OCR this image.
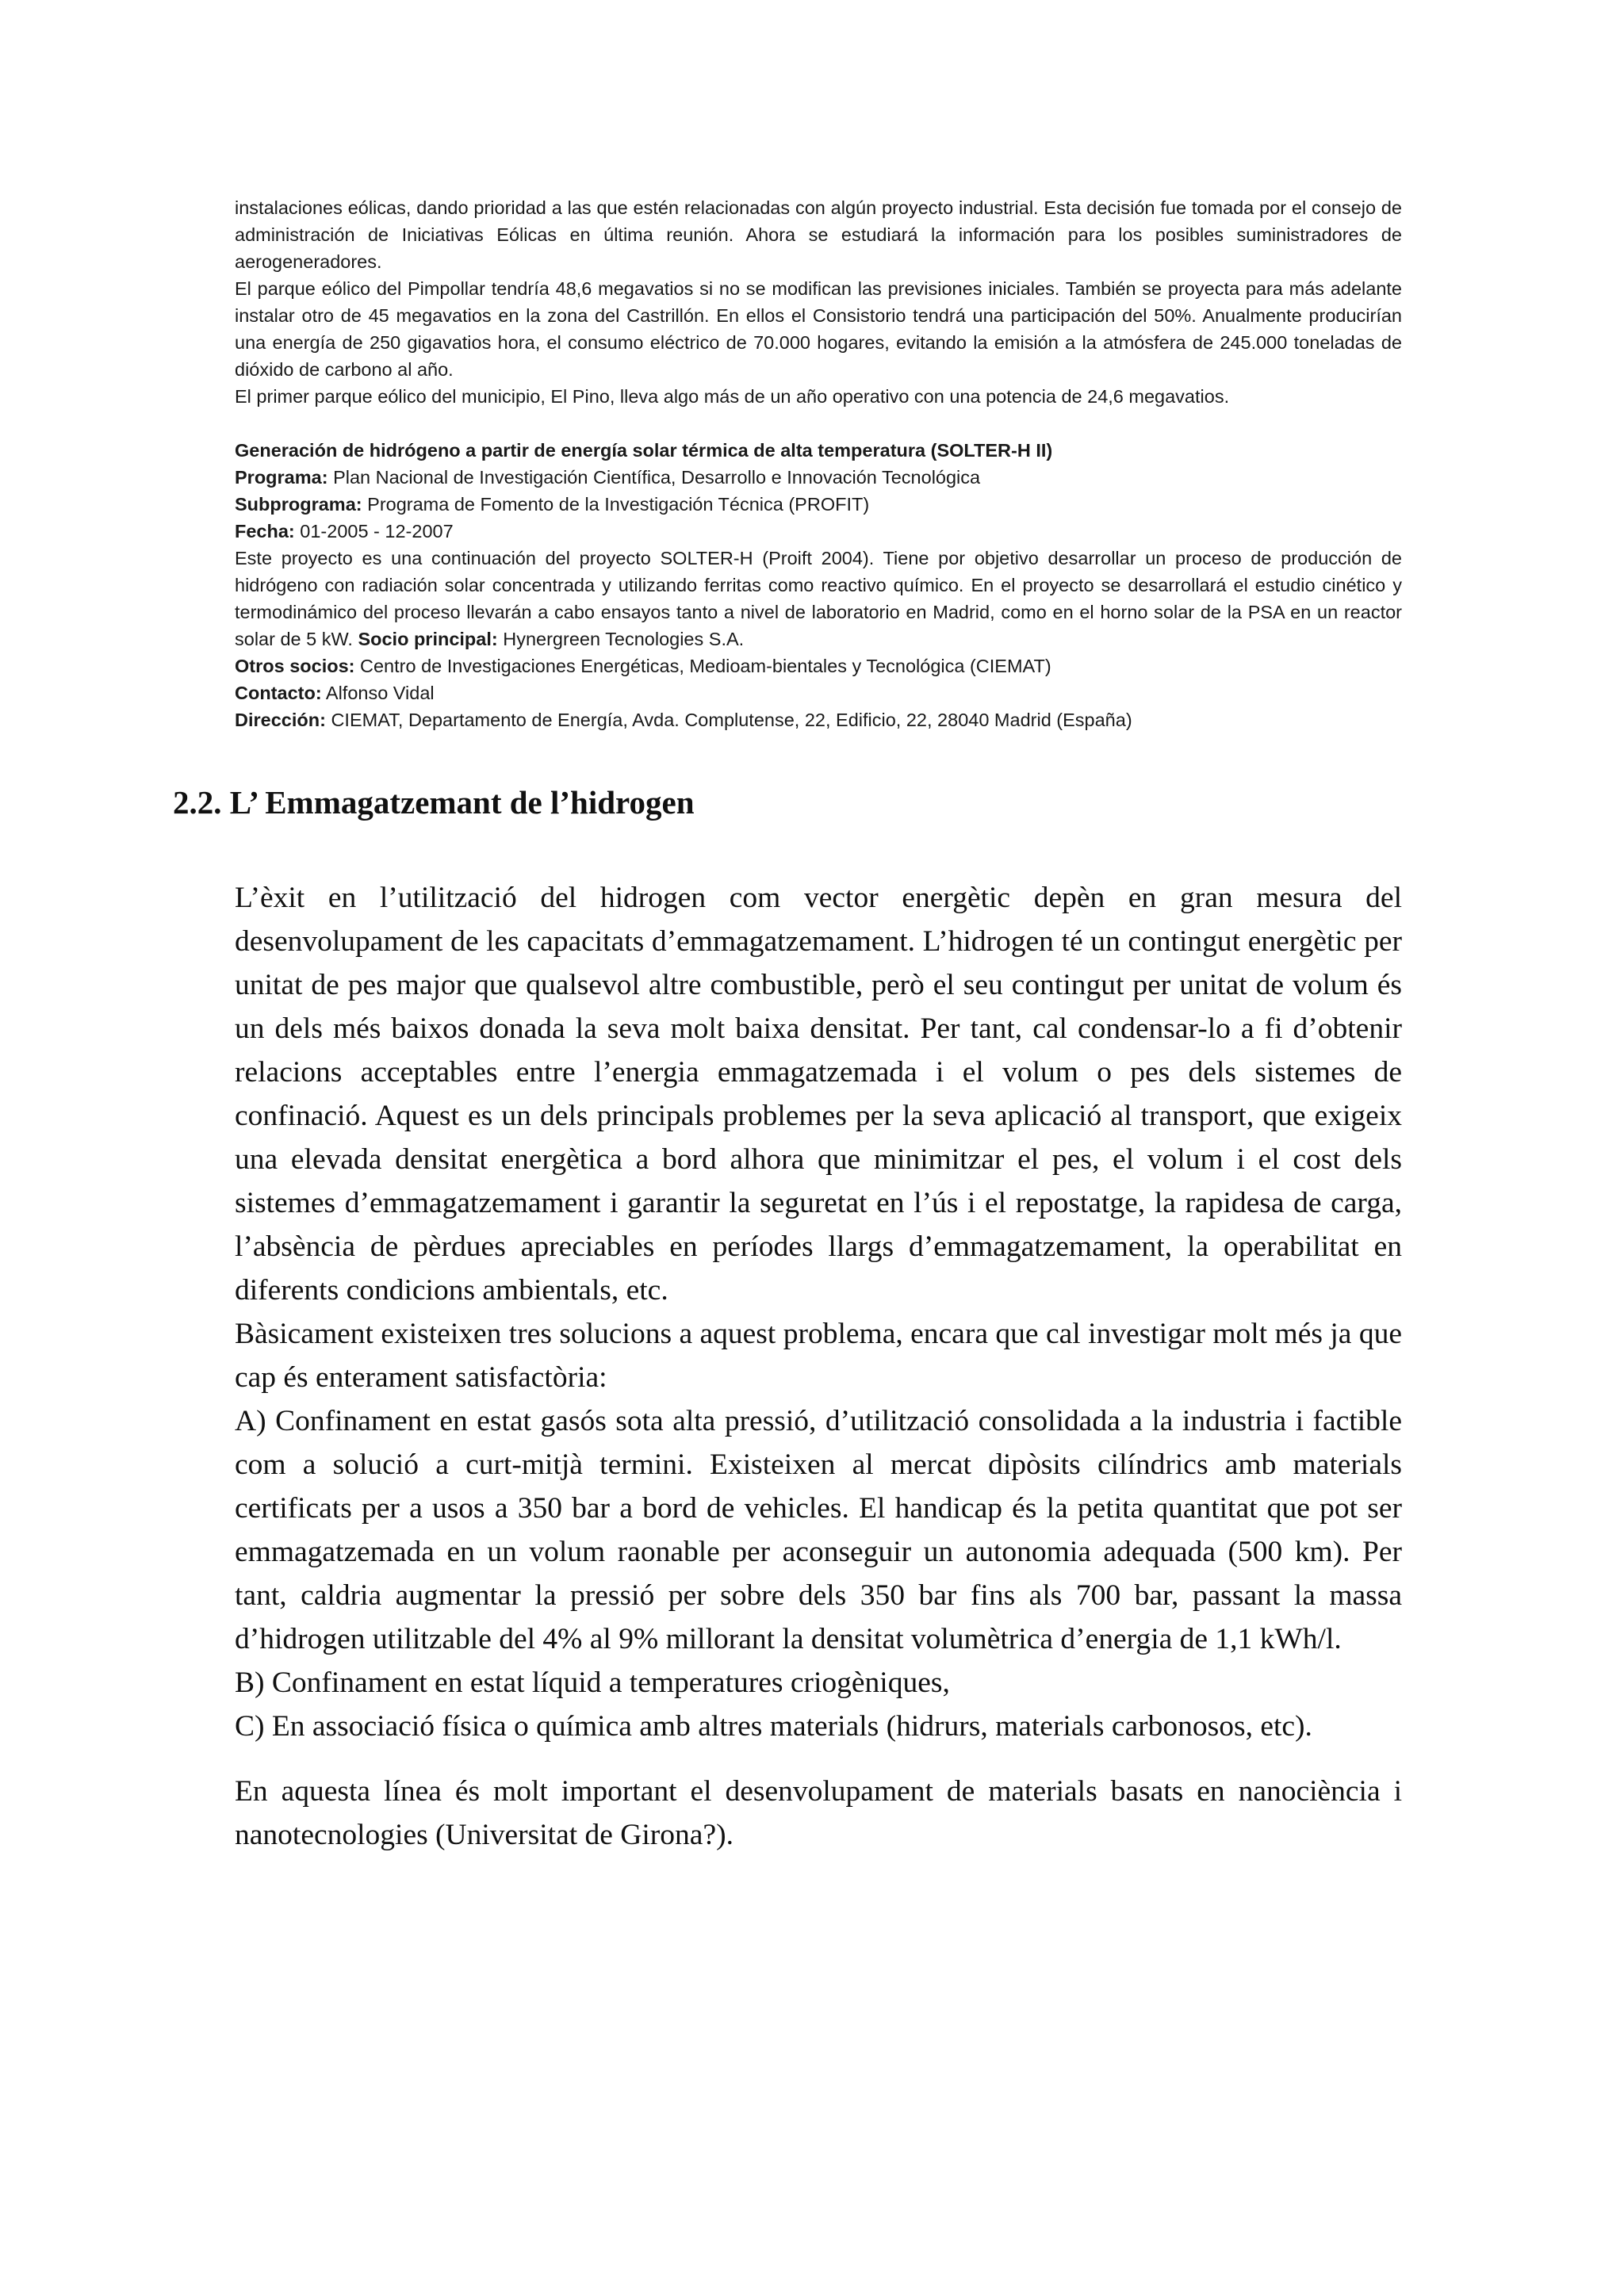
instalaciones eólicas, dando prioridad a las que estén relacionadas con algún proyecto industrial. Esta decisión fue tomada por el consejo de administración de Iniciativas Eólicas en última reunión. Ahora se estudiará la información para los posibles suministradores de aerogeneradores.

El parque eólico del Pimpollar tendría 48,6 megavatios si no se modifican las previsiones iniciales. También se proyecta para más adelante instalar otro de 45 megavatios en la zona del Castrillón. En ellos el Consistorio tendrá una participación del 50%. Anualmente producirían una energía de 250 gigavatios hora, el consumo eléctrico de 70.000 hogares, evitando la emisión a la atmósfera de 245.000 toneladas de dióxido de carbono al año.

El primer parque eólico del municipio, El Pino, lleva algo más de un año operativo con una potencia de 24,6 megavatios.

Generación de hidrógeno a partir de energía solar térmica de alta temperatura (SOLTER-H II)

Programa: Plan Nacional de Investigación Científica, Desarrollo e Innovación Tecnológica

Subprograma: Programa de Fomento de la Investigación Técnica (PROFIT)

Fecha: 01-2005 - 12-2007

Este proyecto es una continuación del proyecto SOLTER-H (Proift 2004). Tiene por objetivo desarrollar un proceso de producción de hidrógeno con radiación solar concentrada y utilizando ferritas como reactivo químico. En el proyecto se desarrollará el estudio cinético y termodinámico del proceso llevarán a cabo ensayos tanto a nivel de laboratorio en Madrid, como en el horno solar de la PSA en un reactor solar de 5 kW. Socio principal: Hynergreen Tecnologies S.A.

Otros socios: Centro de Investigaciones Energéticas, Medioam-bientales y Tecnológica (CIEMAT)

Contacto: Alfonso Vidal

Dirección: CIEMAT, Departamento de Energía, Avda. Complutense, 22, Edificio, 22, 28040 Madrid (España)

2.2. L’ Emmagatzemant de l’hidrogen

L’èxit en l’utilització del hidrogen com vector energètic depèn en gran mesura del desenvolupament de les capacitats d’emmagatzemament. L’hidrogen té un contingut energètic per unitat de pes major que qualsevol altre combustible, però el seu contingut per unitat de volum és un dels més baixos donada la seva molt baixa densitat. Per tant, cal condensar-lo a fi d’obtenir relacions acceptables entre l’energia emmagatzemada i el volum o pes dels sistemes de confinació. Aquest es un dels principals problemes per la seva aplicació al transport, que exigeix una elevada densitat energètica a bord alhora que minimitzar el pes, el volum i el cost dels sistemes d’emmagatzemament i garantir la seguretat en l’ús i el repostatge, la rapidesa de carga, l’absència de pèrdues apreciables en períodes llargs d’emmagatzemament, la operabilitat en diferents condicions ambientals, etc.

Bàsicament existeixen tres solucions a aquest problema, encara que cal investigar molt més ja que cap és enterament satisfactòria:

A) Confinament en estat gasós sota alta pressió, d’utilització consolidada a la industria i factible com a solució a curt-mitjà termini. Existeixen al mercat dipòsits cilíndrics amb materials certificats per a usos a 350 bar a bord de vehicles. El handicap és la petita quantitat que pot ser emmagatzemada en un volum raonable per aconseguir un autonomia adequada (500 km). Per tant, caldria augmentar la pressió per sobre dels 350 bar fins als 700 bar, passant la massa d’hidrogen utilitzable del 4% al 9% millorant la densitat volumètrica d’energia de 1,1 kWh/l.

B) Confinament en estat líquid a temperatures criogèniques,

C) En associació física o química amb altres materials (hidrurs, materials carbonosos, etc).

En aquesta línea és molt important el desenvolupament de materials basats en nanociència i nanotecnologies (Universitat de Girona?).
